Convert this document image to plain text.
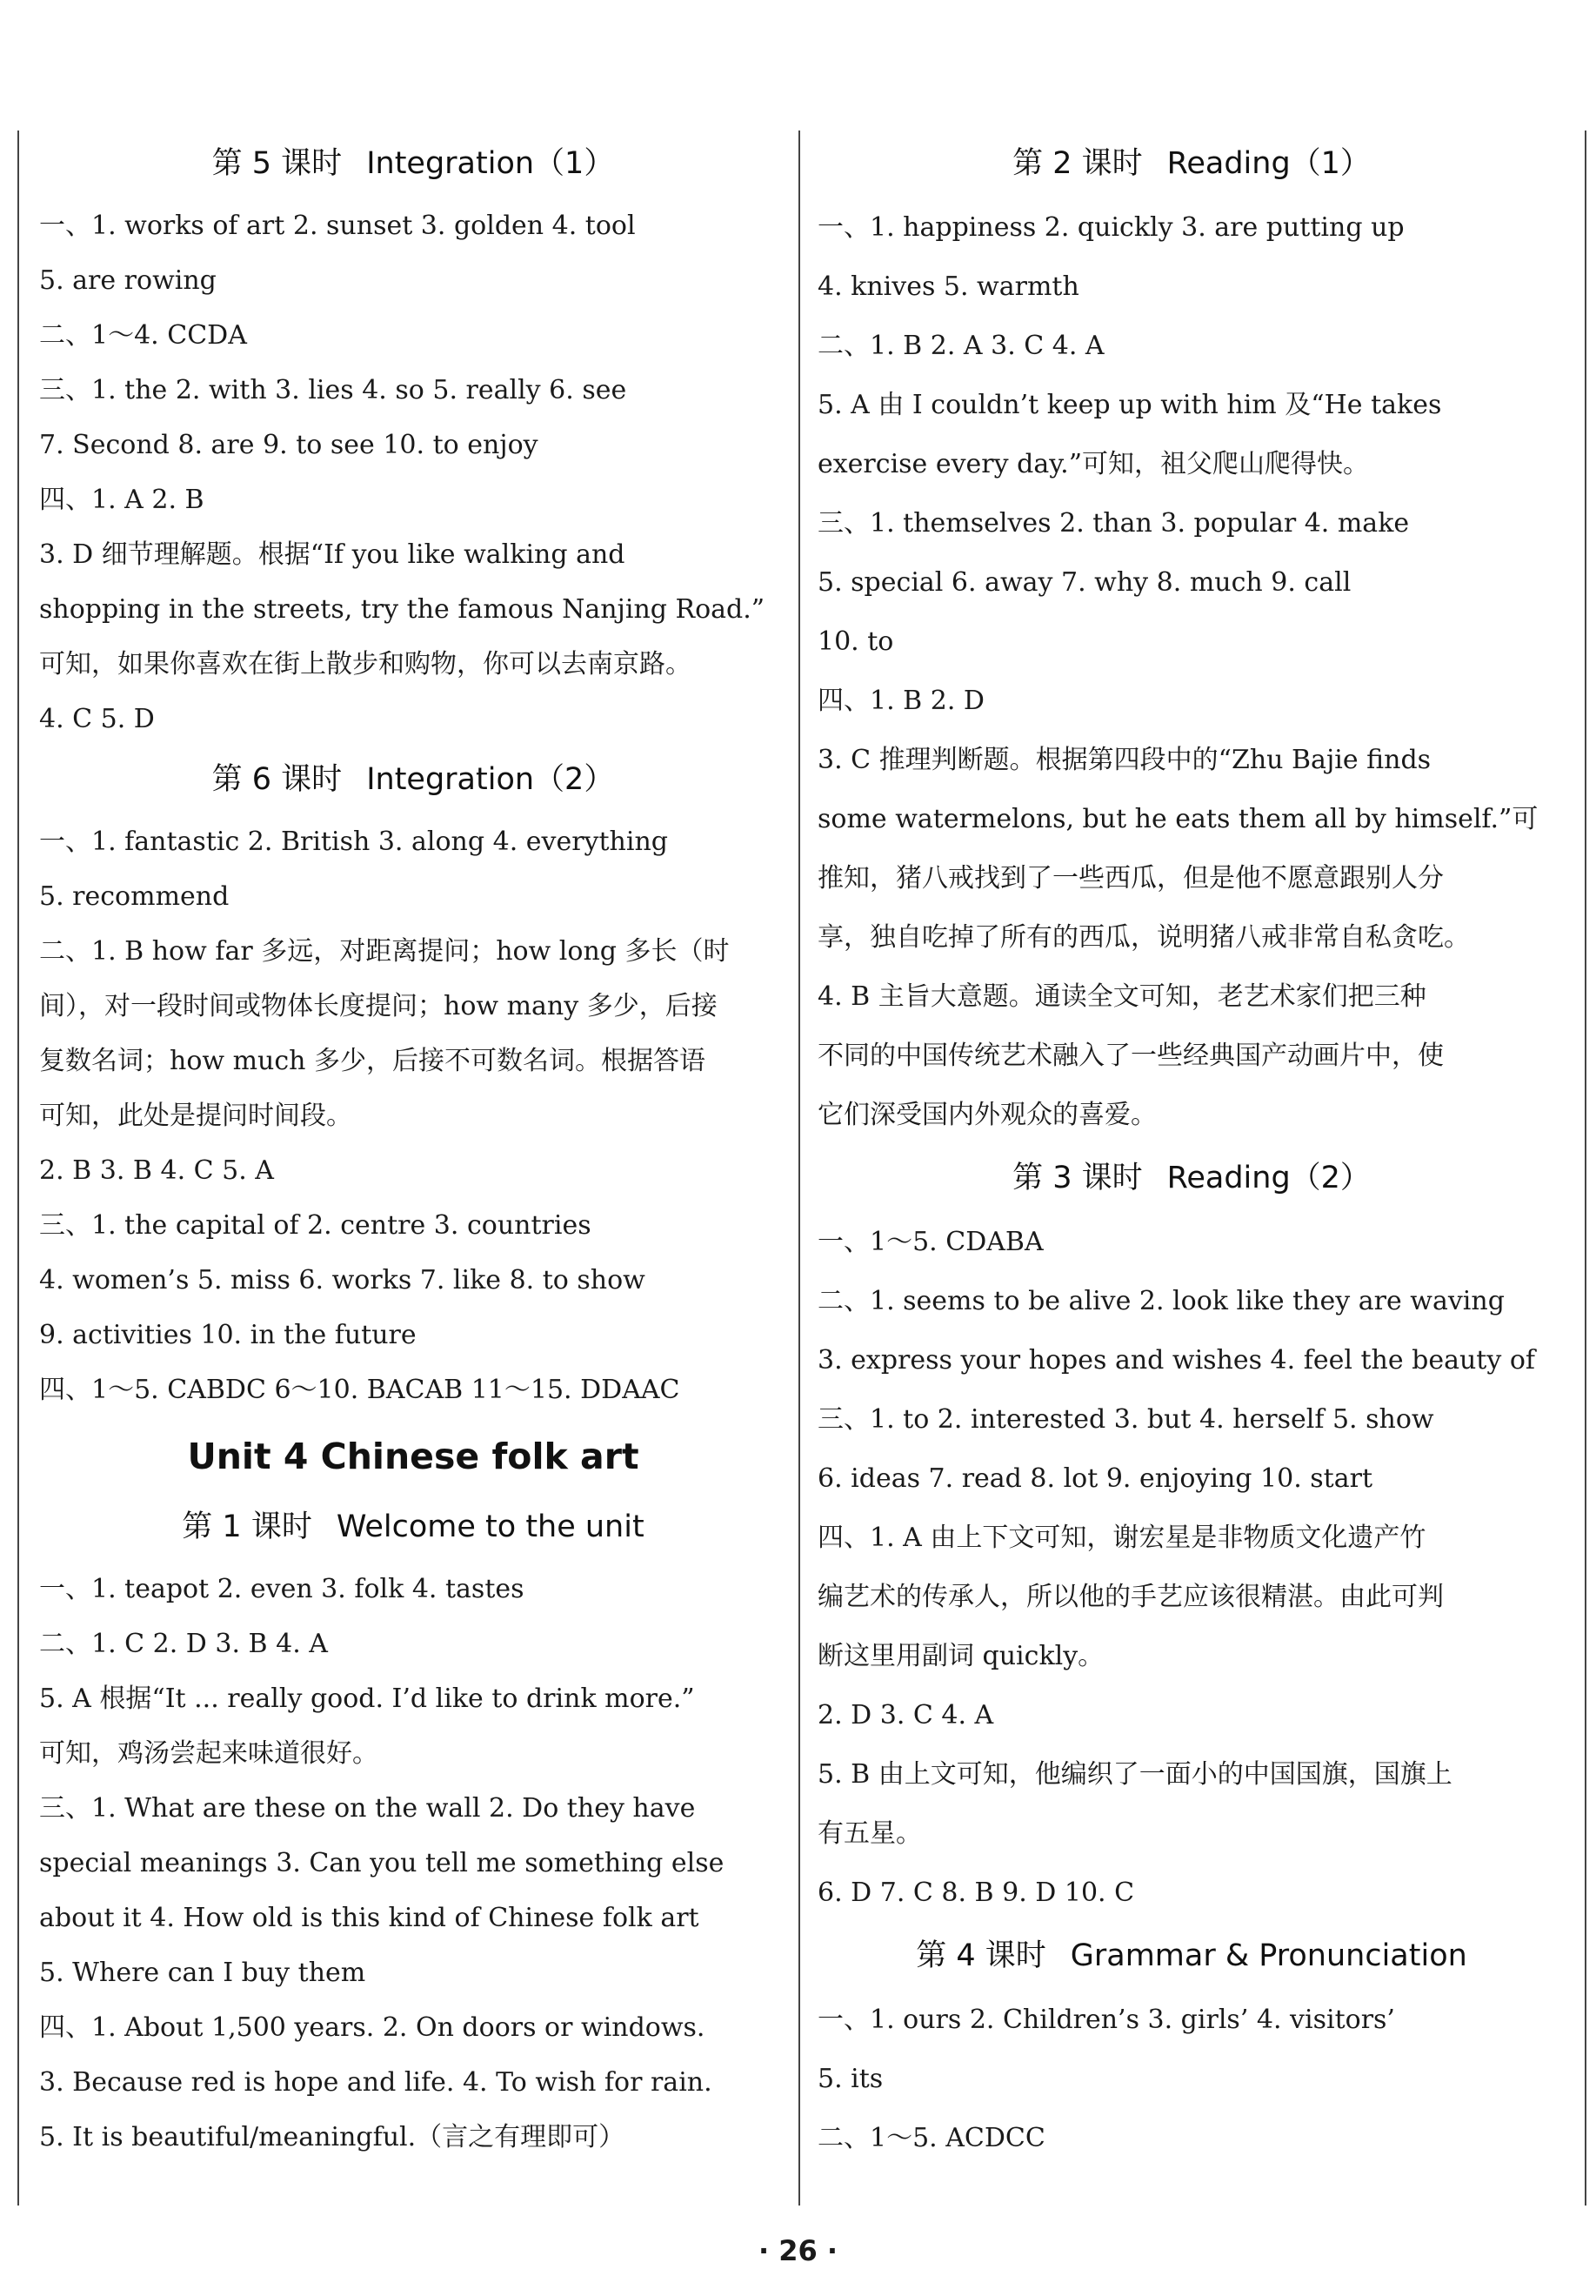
第 5 课时 Integration（1）
一、1. works of art 2. sunset 3. golden 4. tool
5. are rowing
二、1～4. CCDA
三、1. the 2. with 3. lies 4. so 5. really 6. see
7. Second 8. are 9. to see 10. to enjoy
四、1. A 2. B
3. D 细节理解题。根据“If you like walking and
shopping in the streets, try the famous Nanjing Road.”
可知，如果你喜欢在街上散步和购物，你可以去南京路。
4. C 5. D
第 6 课时 Integration（2）
一、1. fantastic 2. British 3. along 4. everything
5. recommend
二、1. B how far 多远，对距离提问；how long 多长（时
间），对一段时间或物体长度提问；how many 多少，后接
复数名词；how much 多少，后接不可数名词。根据答语
可知，此处是提问时间段。
2. B 3. B 4. C 5. A
三、1. the capital of 2. centre 3. countries
4. women’s 5. miss 6. works 7. like 8. to show
9. activities 10. in the future
四、1～5. CABDC 6～10. BACAB 11～15. DDAAC
Unit 4 Chinese folk art
第 1 课时 Welcome to the unit
一、1. teapot 2. even 3. folk 4. tastes
二、1. C 2. D 3. B 4. A
5. A 根据“It ... really good. I’d like to drink more.”
可知，鸡汤尝起来味道很好。
三、1. What are these on the wall 2. Do they have
special meanings 3. Can you tell me something else
about it 4. How old is this kind of Chinese folk art
5. Where can I buy them
四、1. About 1,500 years. 2. On doors or windows.
3. Because red is hope and life. 4. To wish for rain.
5. It is beautiful/meaningful.（言之有理即可）
第 2 课时 Reading（1）
一、1. happiness 2. quickly 3. are putting up
4. knives 5. warmth
二、1. B 2. A 3. C 4. A
5. A 由 I couldn’t keep up with him 及“He takes
exercise every day.”可知，祖父爬山爬得快。
三、1. themselves 2. than 3. popular 4. make
5. special 6. away 7. why 8. much 9. call
10. to
四、1. B 2. D
3. C 推理判断题。根据第四段中的“Zhu Bajie finds
some watermelons, but he eats them all by himself.”可
推知，猪八戒找到了一些西瓜，但是他不愿意跟别人分
享，独自吃掉了所有的西瓜，说明猪八戒非常自私贪吃。
4. B 主旨大意题。通读全文可知，老艺术家们把三种
不同的中国传统艺术融入了一些经典国产动画片中，使
它们深受国内外观众的喜爱。
第 3 课时 Reading（2）
一、1～5. CDABA
二、1. seems to be alive 2. look like they are waving
3. express your hopes and wishes 4. feel the beauty of
三、1. to 2. interested 3. but 4. herself 5. show
6. ideas 7. read 8. lot 9. enjoying 10. start
四、1. A 由上下文可知，谢宏星是非物质文化遗产竹
编艺术的传承人，所以他的手艺应该很精湛。由此可判
断这里用副词 quickly。
2. D 3. C 4. A
5. B 由上文可知，他编织了一面小的中国国旗，国旗上
有五星。
6. D 7. C 8. B 9. D 10. C
第 4 课时 Grammar & Pronunciation
一、1. ours 2. Children’s 3. girls’ 4. visitors’
5. its
二、1～5. ACDCC
· 26 ·
